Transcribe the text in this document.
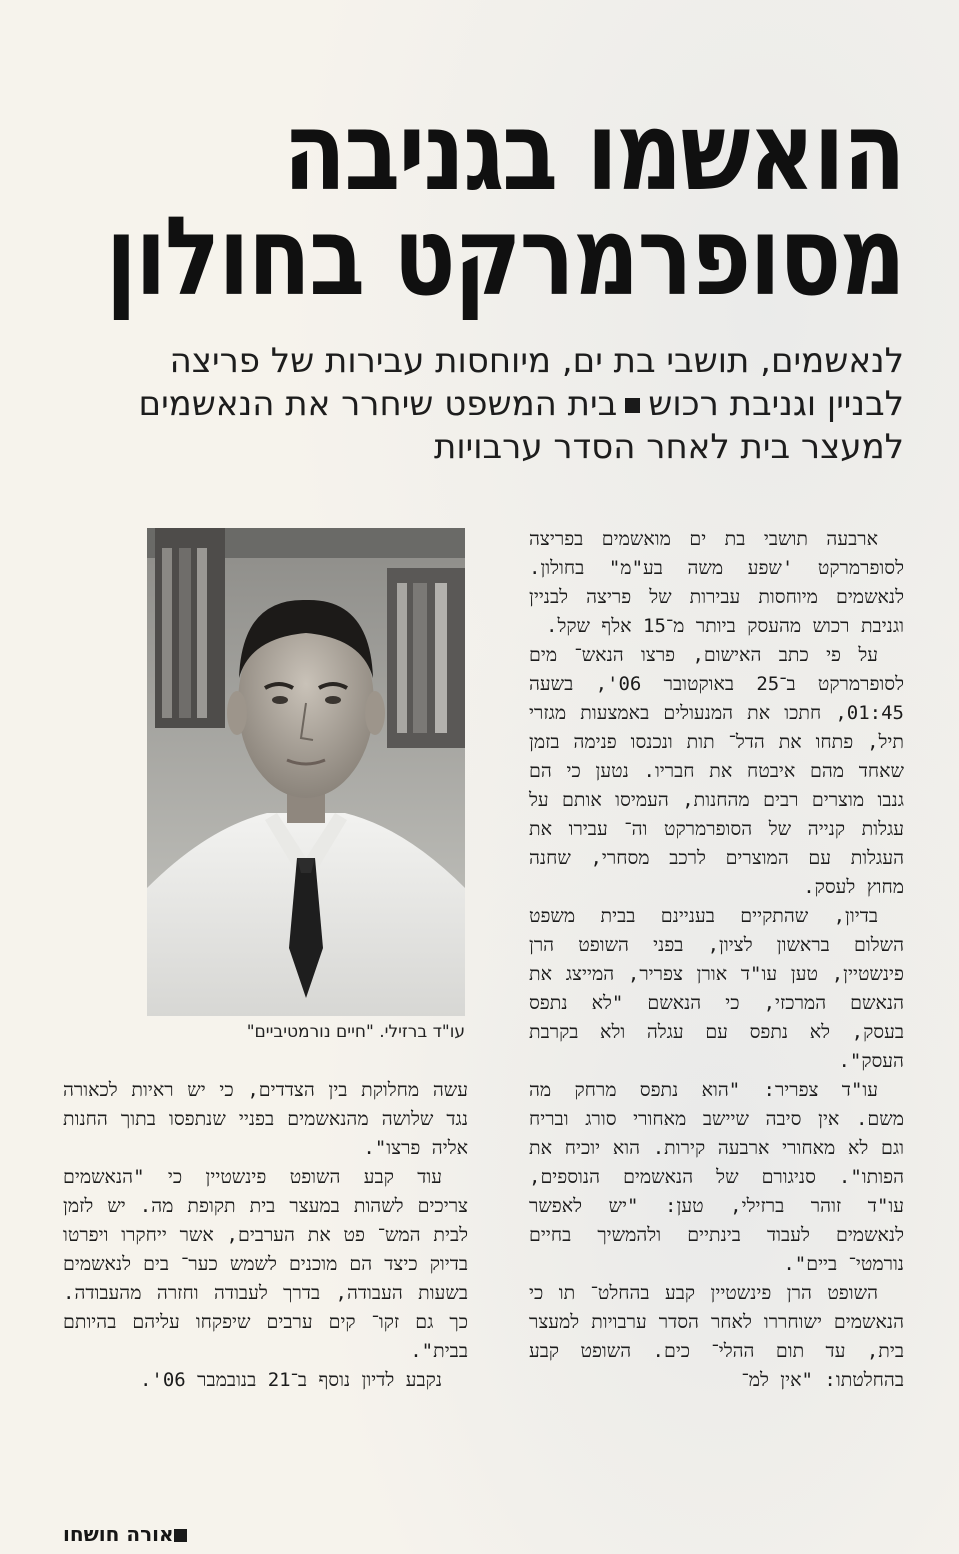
הואשמו בגניבה
מסופרמרקט בחולון
לנאשמים, תושבי בת ים, מיוחסות עבירות של פריצה
לבניין וגניבת רכושבית המשפט שיחרר את הנאשמים
למעצר בית לאחר הסדר ערבויות

ארבעה תושבי בת ים מואשמים בפריצה לסופרמרקט 'שפע משה בע"מ" בחולון. לנאשמים מיוחסות עבירות של פריצה לבניין וגניבת רכוש מהעסק ביותר מ־15 אלף שקל.

על פי כתב האישום, פרצו הנאש־ מים לסופרמרקט ב־25 באוקטובר 06', בשעה 01:45, חתכו את המנעולים באמצעות מגזרי תיל, פתחו את הדל־ תות ונכנסו פנימה בזמן שאחד מהם איבטח את חבריו. נטען כי הם גנבו מוצרים רבים מהחנות, העמיסו אותם על עגלות קנייה של הסופרמרקט וה־ עבירו את העגלות עם המוצרים לרכב מסחרי, שחנה מחוץ לעסק.

בדיון, שהתקיים בעניינם בבית משפט השלום בראשון לציון, בפני השופט הרן פינשטיין, טען עו"ד אורן צפריר, המייצג את הנאשם המרכזי, כי הנאשם "לא נתפס בעסק, לא נתפס עם עגלה ולא בקרבת העסק".

עו"ד צפריר: "הוא נתפס מרחק מה משם. אין סיבה שיישב מאחורי סורג ובריח וגם לא מאחורי ארבעה קירות. הוא יוכיח את הפותו". סניגורם של הנאשמים הנוספים, עו"ד זוהר ברזילי, טען: "יש לאפשר לנאשמים לעבוד בינתיים ולהמשיך בחיים נורמטי־ ביים".

השופט הרן פינשטיין קבע בהחלט־ תו כי הנאשמים ישוחררו לאחר הסדר ערבויות למעצר בית, עד תום ההלי־ כים. השופט קבע בהחלטתו: "אין למ־

עו"ד ברזילי. "חיים נורמטיביים"

עשה מחלוקת בין הצדדים, כי יש ראיות לכאורה נגד שלושה מהנאשמים בפניי שנתפסו בתוך החנות אליה פרצו".

עוד קבע השופט פינשטיין כי "הנאשמים צריכים לשהות במעצר בית תקופת מה. יש לזמן לבית המש־ פט את הערבים, אשר ייחקרו ויפרטו בדיוק כיצד הם מוכנים לשמש כער־ בים לנאשמים בשעות העבודה, בדרך לעבודה וחזרה מהעבודה. כך גם זקו־ קים ערבים שיפקחו עליהם בהיותם בבית".

נקבע לדיון נוסף ב־21 בנובמבר 06'.

אורה חושחו
